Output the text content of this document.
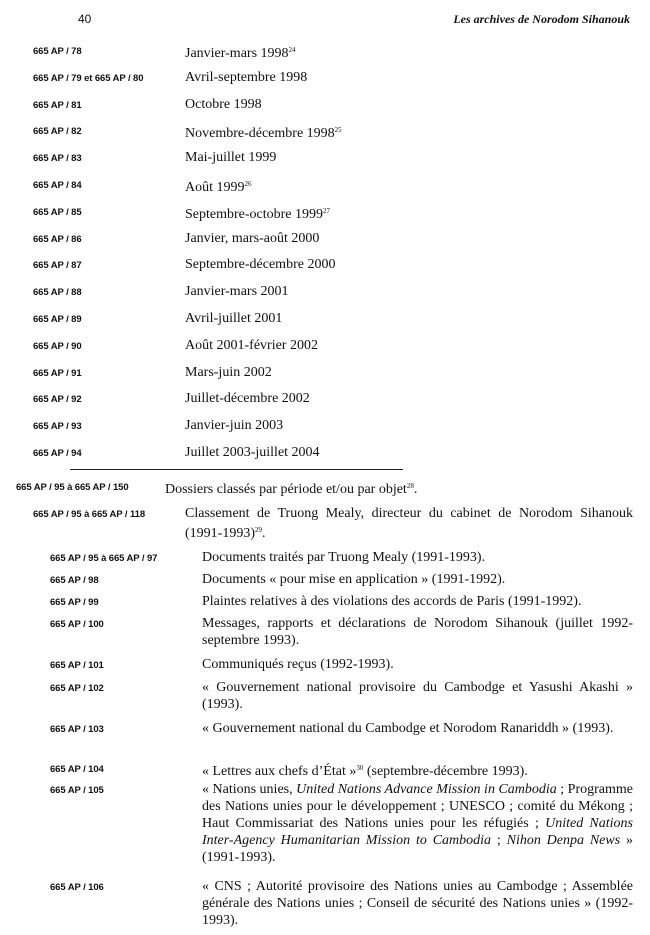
40	Les archives de Norodom Sihanouk
665 AP / 78	Janvier-mars 1998$^{24}$
665 AP / 79 et 665 AP / 80	Avril-septembre 1998
665 AP / 81	Octobre 1998
665 AP / 82	Novembre-décembre 1998$^{25}$
665 AP / 83	Mai-juillet 1999
665 AP / 84	Août 1999$^{26}$
665 AP / 85	Septembre-octobre 1999$^{27}$
665 AP / 86	Janvier, mars-août 2000
665 AP / 87	Septembre-décembre 2000
665 AP / 88	Janvier-mars 2001
665 AP / 89	Avril-juillet 2001
665 AP / 90	Août 2001-février 2002
665 AP / 91	Mars-juin 2002
665 AP / 92	Juillet-décembre 2002
665 AP / 93	Janvier-juin 2003
665 AP / 94	Juillet 2003-juillet 2004
665 AP / 95 à 665 AP / 150	Dossiers classés par période et/ou par objet$^{28}$.
665 AP / 95 à 665 AP / 118	Classement de Truong Mealy, directeur du cabinet de Norodom Sihanouk (1991-1993)$^{29}$.
665 AP / 95 à 665 AP / 97	Documents traités par Truong Mealy (1991-1993).
665 AP / 98	Documents « pour mise en application » (1991-1992).
665 AP / 99	Plaintes relatives à des violations des accords de Paris (1991-1992).
665 AP / 100	Messages, rapports et déclarations de Norodom Sihanouk (juillet 1992-septembre 1993).
665 AP / 101	Communiqués reçus (1992-1993).
665 AP / 102	« Gouvernement national provisoire du Cambodge et Yasushi Akashi » (1993).
665 AP / 103	« Gouvernement national du Cambodge et Norodom Ranariddh » (1993).
665 AP / 104	« Lettres aux chefs d’État »$^{30}$ (septembre-décembre 1993).
665 AP / 105	« Nations unies, United Nations Advance Mission in Cambodia ; Programme des Nations unies pour le développement ; UNESCO ; comité du Mékong ; Haut Commissariat des Nations unies pour les réfugiés ; United Nations Inter-Agency Humanitarian Mission to Cambodia ; Nihon Denpa News » (1991-1993).
665 AP / 106	« CNS ; Autorité provisoire des Nations unies au Cambodge ; Assemblée générale des Nations unies ; Conseil de sécurité des Nations unies » (1992-1993).
